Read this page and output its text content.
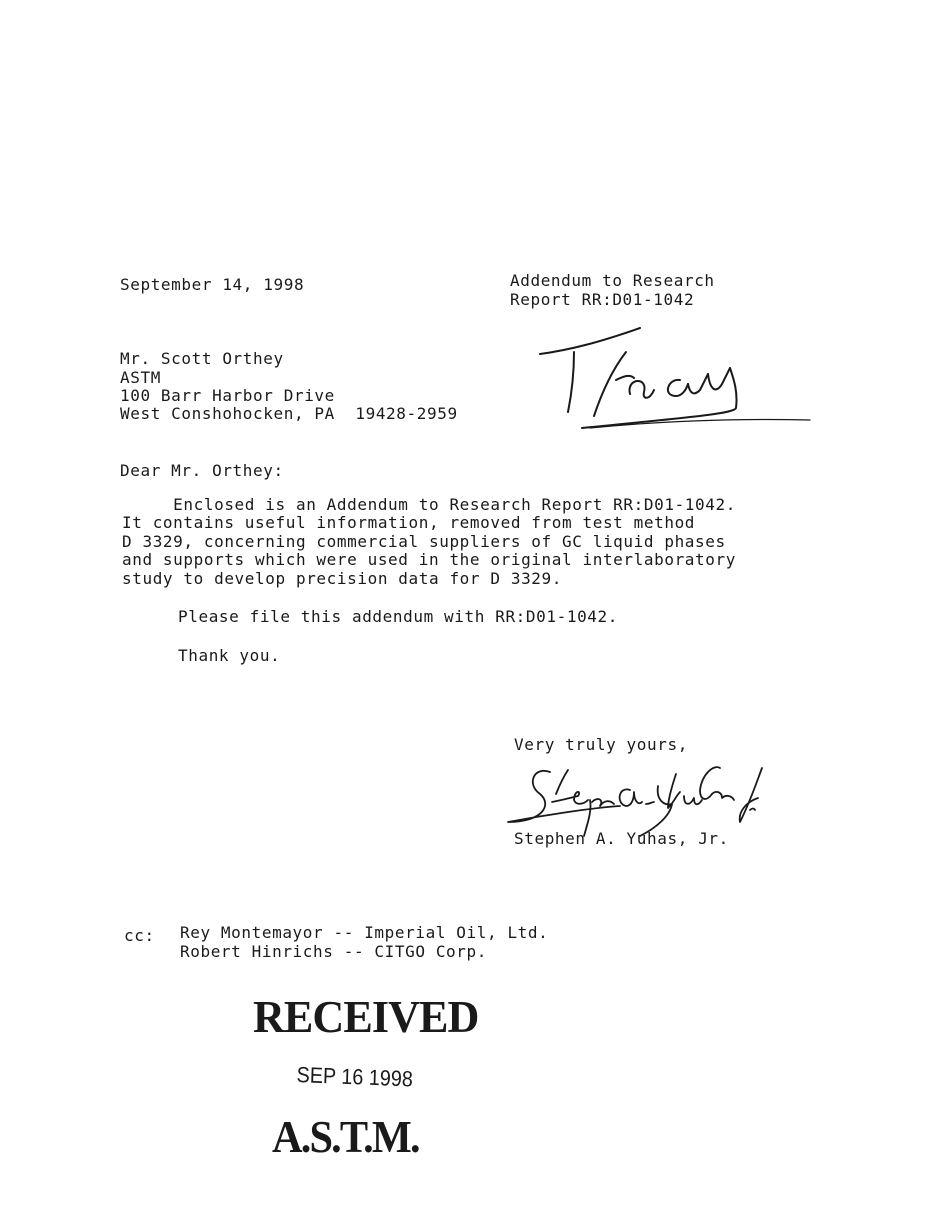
September 14, 1998	Addendum to Research
Report RR:D01-1042
Mr. Scott Orthey
ASTM
100 Barr Harbor Drive
West Conshohocken, PA  19428-2959
Dear Mr. Orthey:
Enclosed is an Addendum to Research Report RR:D01-1042.
It contains useful information, removed from test method
D 3329, concerning commercial suppliers of GC liquid phases
and supports which were used in the original interlaboratory
study to develop precision data for D 3329.
Please file this addendum with RR:D01-1042.
Thank you.
Very truly yours,
Stephen A. Yuhas, Jr.
cc: Rey Montemayor -- Imperial Oil, Ltd.
Robert Hinrichs -- CITGO Corp.
RECEIVED
SEP 16 1998
A.S.T.M.
